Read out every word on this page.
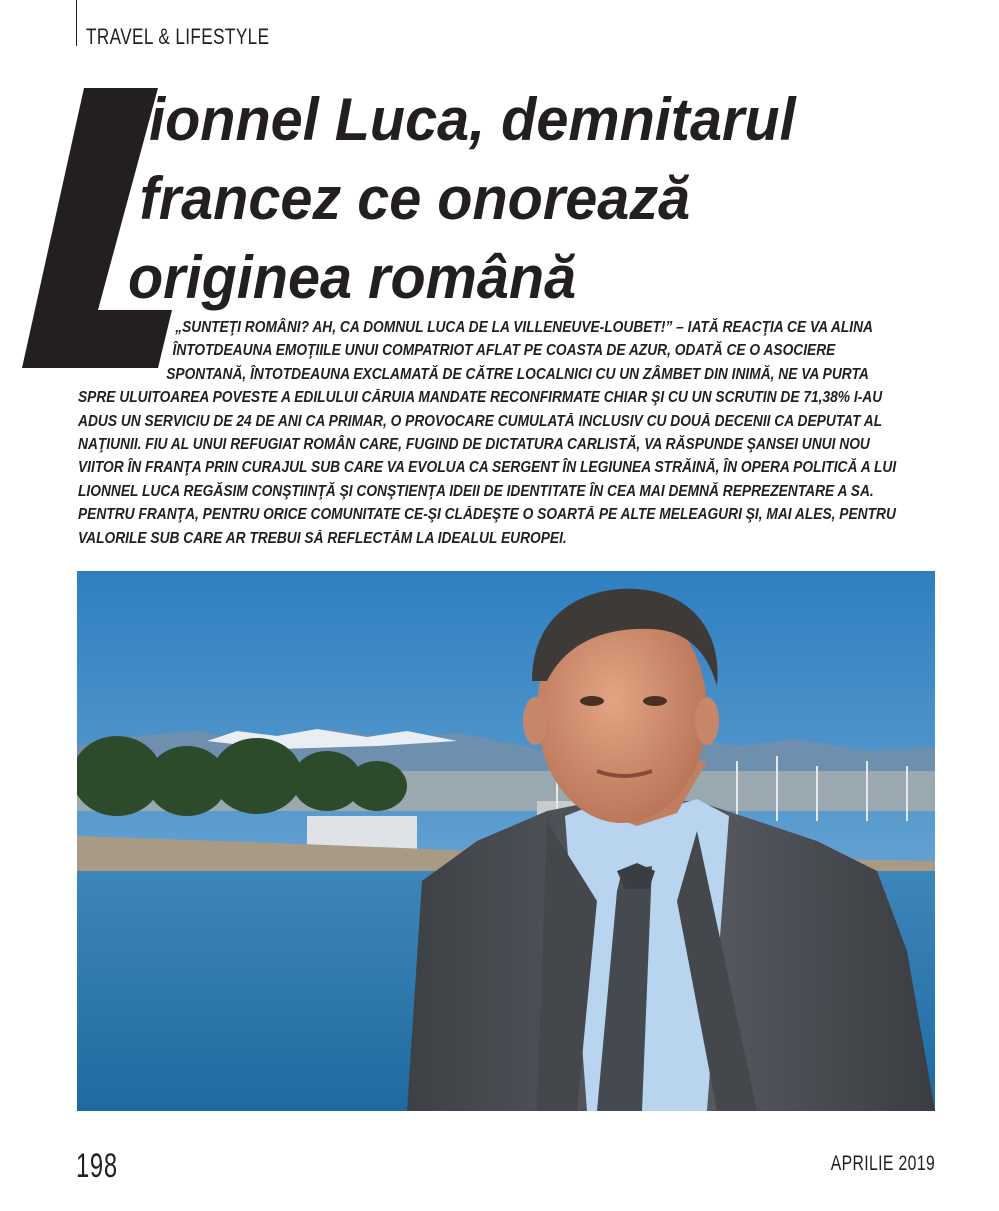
TRAVEL & LIFESTYLE
ionnel Luca, demnitarul
francez ce onorează
originea română
„SUNTEŢI ROMÂNI? AH, CA DOMNUL LUCA DE LA VILLENEUVE-LOUBET!” – IATĂ REACŢIA CE VA ALINA
ÎNTOTDEAUNA EMOŢIILE UNUI COMPATRIOT AFLAT PE COASTA DE AZUR, ODATĂ CE O ASOCIERE
SPONTANĂ, ÎNTOTDEAUNA EXCLAMATĂ DE CĂTRE LOCALNICI CU UN ZÂMBET DIN INIMĂ, NE VA PURTA
SPRE ULUITOAREA POVESTE A EDILULUI CĂRUIA MANDATE RECONFIRMATE CHIAR ŞI CU UN SCRUTIN DE 71,38% I-AU
ADUS UN SERVICIU DE 24 DE ANI CA PRIMAR, O PROVOCARE CUMULATĂ INCLUSIV CU DOUĂ DECENII CA DEPUTAT AL
NAŢIUNII. FIU AL UNUI REFUGIAT ROMÂN CARE, FUGIND DE DICTATURA CARLISTĂ, VA RĂSPUNDE ŞANSEI UNUI NOU
VIITOR ÎN FRANŢA PRIN CURAJUL SUB CARE VA EVOLUA CA SERGENT ÎN LEGIUNEA STRĂINĂ, ÎN OPERA POLITICĂ A LUI
LIONNEL LUCA REGĂSIM CONŞTIINŢĂ ŞI CONŞTIENŢA IDEII DE IDENTITATE ÎN CEA MAI DEMNĂ REPREZENTARE A SA.
PENTRU FRANŢA, PENTRU ORICE COMUNITATE CE-ŞI CLĂDEŞTE O SOARTĂ PE ALTE MELEAGURI ŞI, MAI ALES, PENTRU
VALORILE SUB CARE AR TREBUI SĂ REFLECTĂM LA IDEALUL EUROPEI.
198	APRILIE 2019
